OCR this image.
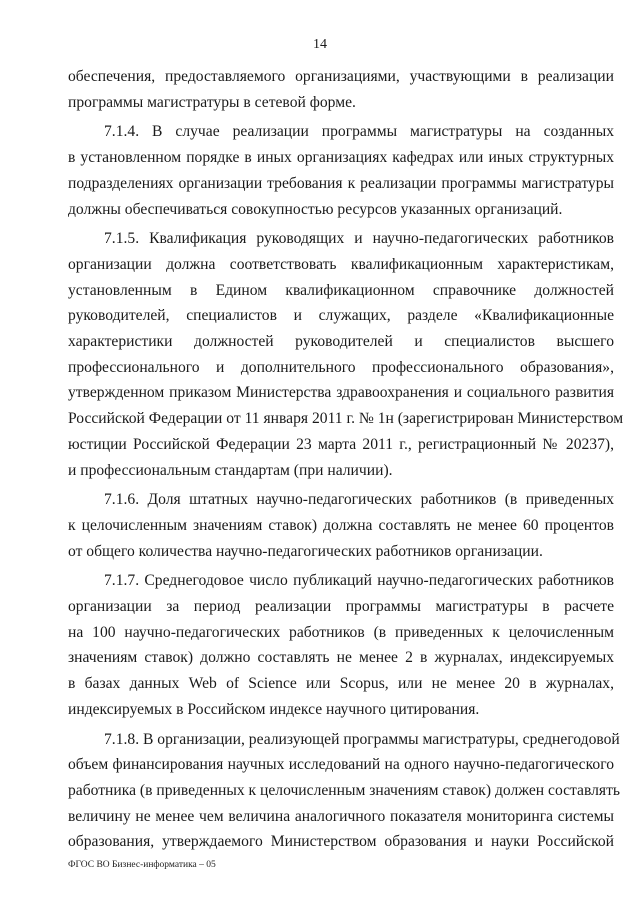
14
обеспечения, предоставляемого организациями, участвующими в реализации
программы магистратуры в сетевой форме.
7.1.4. В случае реализации программы магистратуры на созданных
в установленном порядке в иных организациях кафедрах или иных структурных
подразделениях организации требования к реализации программы магистратуры
должны обеспечиваться совокупностью ресурсов указанных организаций.
7.1.5. Квалификация руководящих и научно-педагогических работников
организации должна соответствовать квалификационным характеристикам,
установленным в Едином квалификационном справочнике должностей
руководителей, специалистов и служащих, разделе «Квалификационные
характеристики должностей руководителей и специалистов высшего
профессионального и дополнительного профессионального образования»,
утвержденном приказом Министерства здравоохранения и социального развития
Российской Федерации от 11 января 2011 г. № 1н (зарегистрирован Министерством
юстиции Российской Федерации 23 марта 2011 г., регистрационный № 20237),
и профессиональным стандартам (при наличии).
7.1.6. Доля штатных научно-педагогических работников (в приведенных
к целочисленным значениям ставок) должна составлять не менее 60 процентов
от общего количества научно-педагогических работников организации.
7.1.7. Среднегодовое число публикаций научно-педагогических работников
организации за период реализации программы магистратуры в расчете
на 100 научно-педагогических работников (в приведенных к целочисленным
значениям ставок) должно составлять не менее 2 в журналах, индексируемых
в базах данных Web of Science или Scopus, или не менее 20 в журналах,
индексируемых в Российском индексе научного цитирования.
7.1.8. В организации, реализующей программы магистратуры, среднегодовой
объем финансирования научных исследований на одного научно-педагогического
работника (в приведенных к целочисленным значениям ставок) должен составлять
величину не менее чем величина аналогичного показателя мониторинга системы
образования, утверждаемого Министерством образования и науки Российской
ФГОС ВО Бизнес-информатика – 05
